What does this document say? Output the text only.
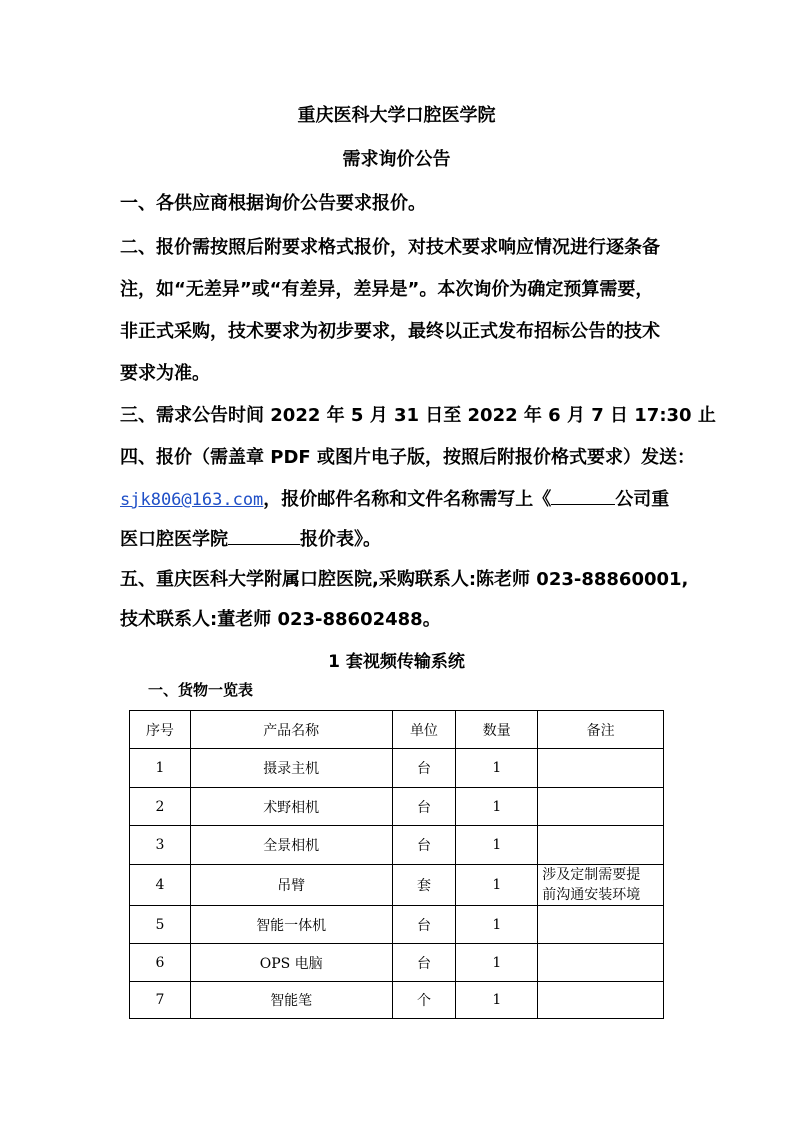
重庆医科大学口腔医学院
需求询价公告
一、各供应商根据询价公告要求报价。
二、报价需按照后附要求格式报价，对技术要求响应情况进行逐条备
注，如“无差异”或“有差异，差异是”。本次询价为确定预算需要，
非正式采购，技术要求为初步要求，最终以正式发布招标公告的技术
要求为准。
三、需求公告时间 2022 年 5 月 31 日至 2022 年 6 月 7 日 17:30 止
四、报价（需盖章 PDF 或图片电子版，按照后附报价格式要求）发送：
sjk806@163.com，报价邮件名称和文件名称需写上《	公司重
医口腔医学院	报价表》。
五、重庆医科大学附属口腔医院,采购联系人:陈老师 023-88860001,
技术联系人:董老师 023-88602488。
1 套视频传输系统
一、货物一览表
序号	产品名称	单位	数量	备注
1	摄录主机	台	1	
2	术野相机	台	1	
3	全景相机	台	1	
4	吊臂	套	1	涉及定制需要提
前沟通安装环境

5	智能一体机	台	1	
6	OPS 电脑	台	1	
7	智能笔	个	1	
